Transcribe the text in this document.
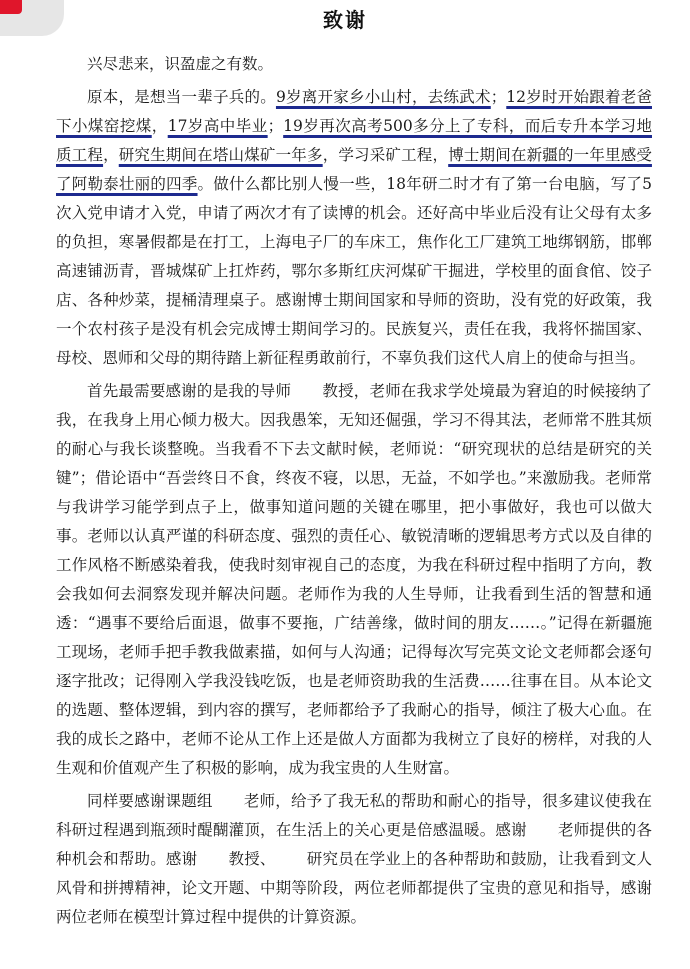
致谢

兴尽悲来，识盈虚之有数。

原本，是想当一辈子兵的。9岁离开家乡小山村，去练武术；12岁时开始跟着老爸下小煤窑挖煤，17岁高中毕业；19岁再次高考500多分上了专科，而后专升本学习地质工程，研究生期间在塔山煤矿一年多，学习采矿工程，博士期间在新疆的一年里感受了阿勒泰壮丽的四季。做什么都比别人慢一些，18年研二时才有了第一台电脑，写了5次入党申请才入党，申请了两次才有了读博的机会。还好高中毕业后没有让父母有太多的负担，寒暑假都是在打工，上海电子厂的车床工，焦作化工厂建筑工地绑钢筋，邯郸高速铺沥青，晋城煤矿上扛炸药，鄂尔多斯红庆河煤矿干掘进，学校里的面食倌、饺子店、各种炒菜，提桶清理桌子。感谢博士期间国家和导师的资助，没有党的好政策，我一个农村孩子是没有机会完成博士期间学习的。民族复兴，责任在我，我将怀揣国家、母校、恩师和父母的期待踏上新征程勇敢前行，不辜负我们这代人肩上的使命与担当。

首先最需要感谢的是我的导师 教授，老师在我求学处境最为窘迫的时候接纳了我，在我身上用心倾力极大。因我愚笨，无知还倔强，学习不得其法，老师常不胜其烦的耐心与我长谈整晚。当我看不下去文献时候，老师说：“研究现状的总结是研究的关键”；借论语中“吾尝终日不食，终夜不寝，以思，无益，不如学也。”来激励我。老师常与我讲学习能学到点子上，做事知道问题的关键在哪里，把小事做好，我也可以做大事。老师以认真严谨的科研态度、强烈的责任心、敏锐清晰的逻辑思考方式以及自律的工作风格不断感染着我，使我时刻审视自己的态度，为我在科研过程中指明了方向，教会我如何去洞察发现并解决问题。老师作为我的人生导师，让我看到生活的智慧和通透：“遇事不要给后面退，做事不要拖，广结善缘，做时间的朋友……。”记得在新疆施工现场，老师手把手教我做素描，如何与人沟通；记得每次写完英文论文老师都会逐句逐字批改；记得刚入学我没钱吃饭，也是老师资助我的生活费……往事在目。从本论文的选题、整体逻辑，到内容的撰写，老师都给予了我耐心的指导，倾注了极大心血。在我的成长之路中，老师不论从工作上还是做人方面都为我树立了良好的榜样，对我的人生观和价值观产生了积极的影响，成为我宝贵的人生财富。

同样要感谢课题组 老师，给予了我无私的帮助和耐心的指导，很多建议使我在科研过程遇到瓶颈时醍醐灌顶，在生活上的关心更是倍感温暖。感谢 老师提供的各种机会和帮助。感谢 教授、 研究员在学业上的各种帮助和鼓励，让我看到文人风骨和拼搏精神，论文开题、中期等阶段，两位老师都提供了宝贵的意见和指导，感谢两位老师在模型计算过程中提供的计算资源。
